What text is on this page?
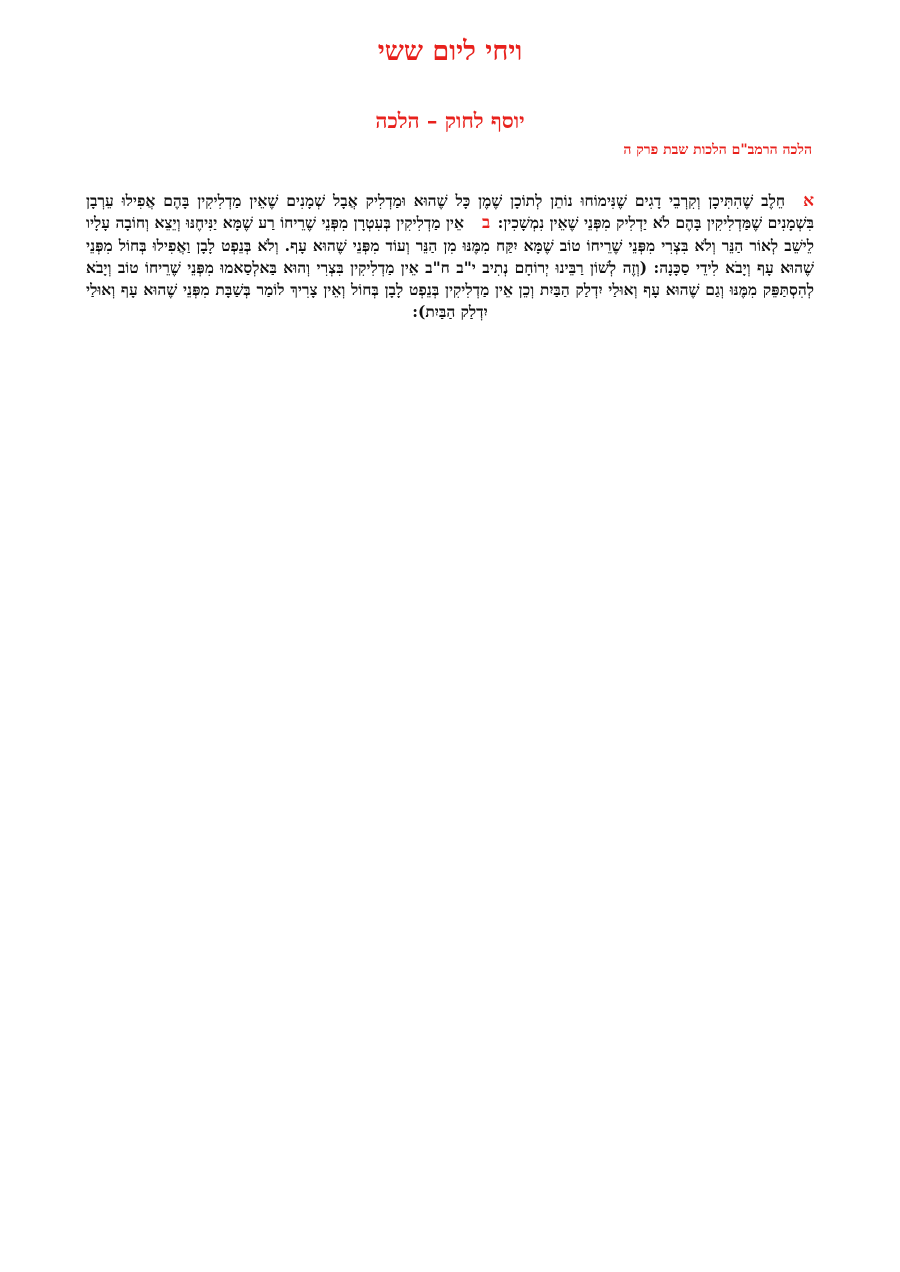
ויחי ליום ששי
יוסף לחוק – הלכה
הלכה הרמב"ם הלכות שבת פרק ה

אחֵלֶב שֶׁהִתִּיכָן וְקִרְבֵי דָגִים שֶׁנִּימוֹחוּ נוֹתֵן לְתוֹכָן שֶׁמֶן כָּל שֶׁהוּא וּמַדְלִיק אֲבָל שְׁמָנִים שֶׁאֵין מַדְלִיקִין בָּהֶם אֲפִילוּ עֵרְבָן בִּשְׁמָנִים שֶׁמַּדְלִיקִין בָּהֶם לֹא יַדְלִיק מִפְּנֵי שֶׁאֵין נִמְשָׁכִין: באֵין מַדְלִיקִין בְּעִטְרָן מִפְּנֵי שֶׁרֵיחוֹ רַע שֶׁמָּא יַנִּיחֶנּוּ וְיֵצֵא וְחוֹבָה עָלָיו לֵישֵׁב לְאוֹר הַנֵּר וְלֹא בִּצְרִי מִפְּנֵי שֶׁרֵיחוֹ טוֹב שֶׁמָּא יִקַּח מִמֶּנּוּ מִן הַנֵּר וְעוֹד מִפְּנֵי שֶׁהוּא עָף. וְלֹא בְּנֵפְט לָבָן וַאֲפִילוּ בְּחוֹל מִפְּנֵי שֶׁהוּא עָף וְיָבֹא לִידֵי סַכָּנָה: (וְזֶה לְשׁוֹן רַבֵּינוּ יְרוֹחָם נְתִיב י"ב ח"ב אֵין מַדְלִיקִין בִּצְרִי וְהוּא בַּאלְסַאמוּ מִפְּנֵי שֶׁרֵיחוֹ טוֹב וְיָבֹא לְהִסְתַּפֵּק מִמֶּנּוּ וְגַם שֶׁהוּא עָף וְאוּלַי יִדְלַק הַבַּיִת וְכֵן אֵין מַדְלִיקִין בְּנֵפְט לָבָן בְּחוֹל וְאֵין צָרִיךְ לוֹמַר בְּשַׁבָּת מִפְּנֵי שֶׁהוּא עָף וְאוּלַי יִדְלַק הַבַּיִת):
